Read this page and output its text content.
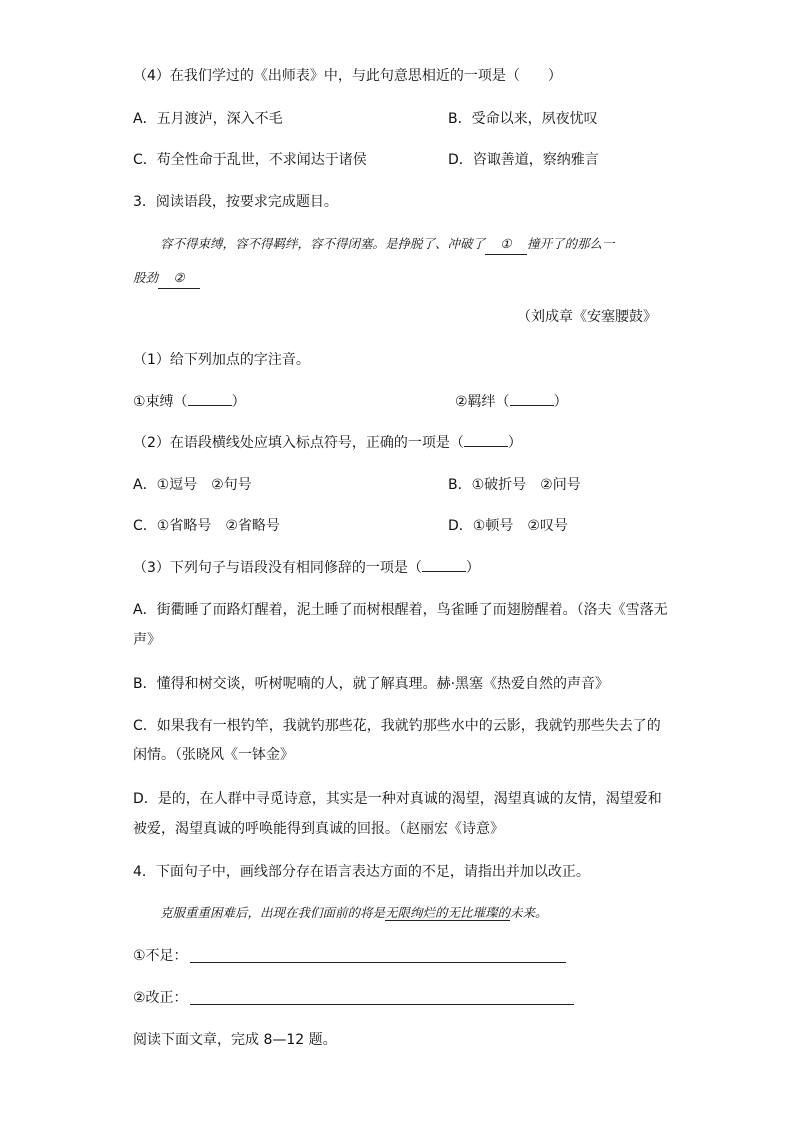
（4）在我们学过的《出师表》中，与此句意思相近的一项是（　　）
A．五月渡泸，深入不毛	B．受命以来，夙夜忧叹
C．苟全性命于乱世，不求闻达于诸侯	D．咨诹善道，察纳雅言
3．阅读语段，按要求完成题目。
容不得束缚，容不得羁绊，容不得闭塞。是挣脱了、冲破了 ① 撞开了的那么一
股劲 ②
（刘成章《安塞腰鼓》
（1）给下列加点的字注音。
①束缚（	）	②羁绊（	）
（2）在语段横线处应填入标点符号，正确的一项是（	）
A．①逗号　②句号	B．①破折号　②问号
C．①省略号　②省略号	D．①顿号　②叹号
（3）下列句子与语段没有相同修辞的一项是（	）
A．街衢睡了而路灯醒着，泥土睡了而树根醒着，鸟雀睡了而翅膀醒着。（洛夫《雪落无
声》
B．懂得和树交谈，听树呢喃的人，就了解真理。赫·黑塞《热爱自然的声音》
C．如果我有一根钓竿，我就钓那些花，我就钓那些水中的云影，我就钓那些失去了的
闲情。（张晓风《一钵金》
D．是的，在人群中寻觅诗意，其实是一种对真诚的渴望，渴望真诚的友情，渴望爱和
被爱，渴望真诚的呼唤能得到真诚的回报。（赵丽宏《诗意》
4．下面句子中，画线部分存在语言表达方面的不足，请指出并加以改正。
克服重重困难后，出现在我们面前的将是无限绚烂的无比璀璨的未来。
①不足：
②改正：
阅读下面文章，完成 8—12 题。
